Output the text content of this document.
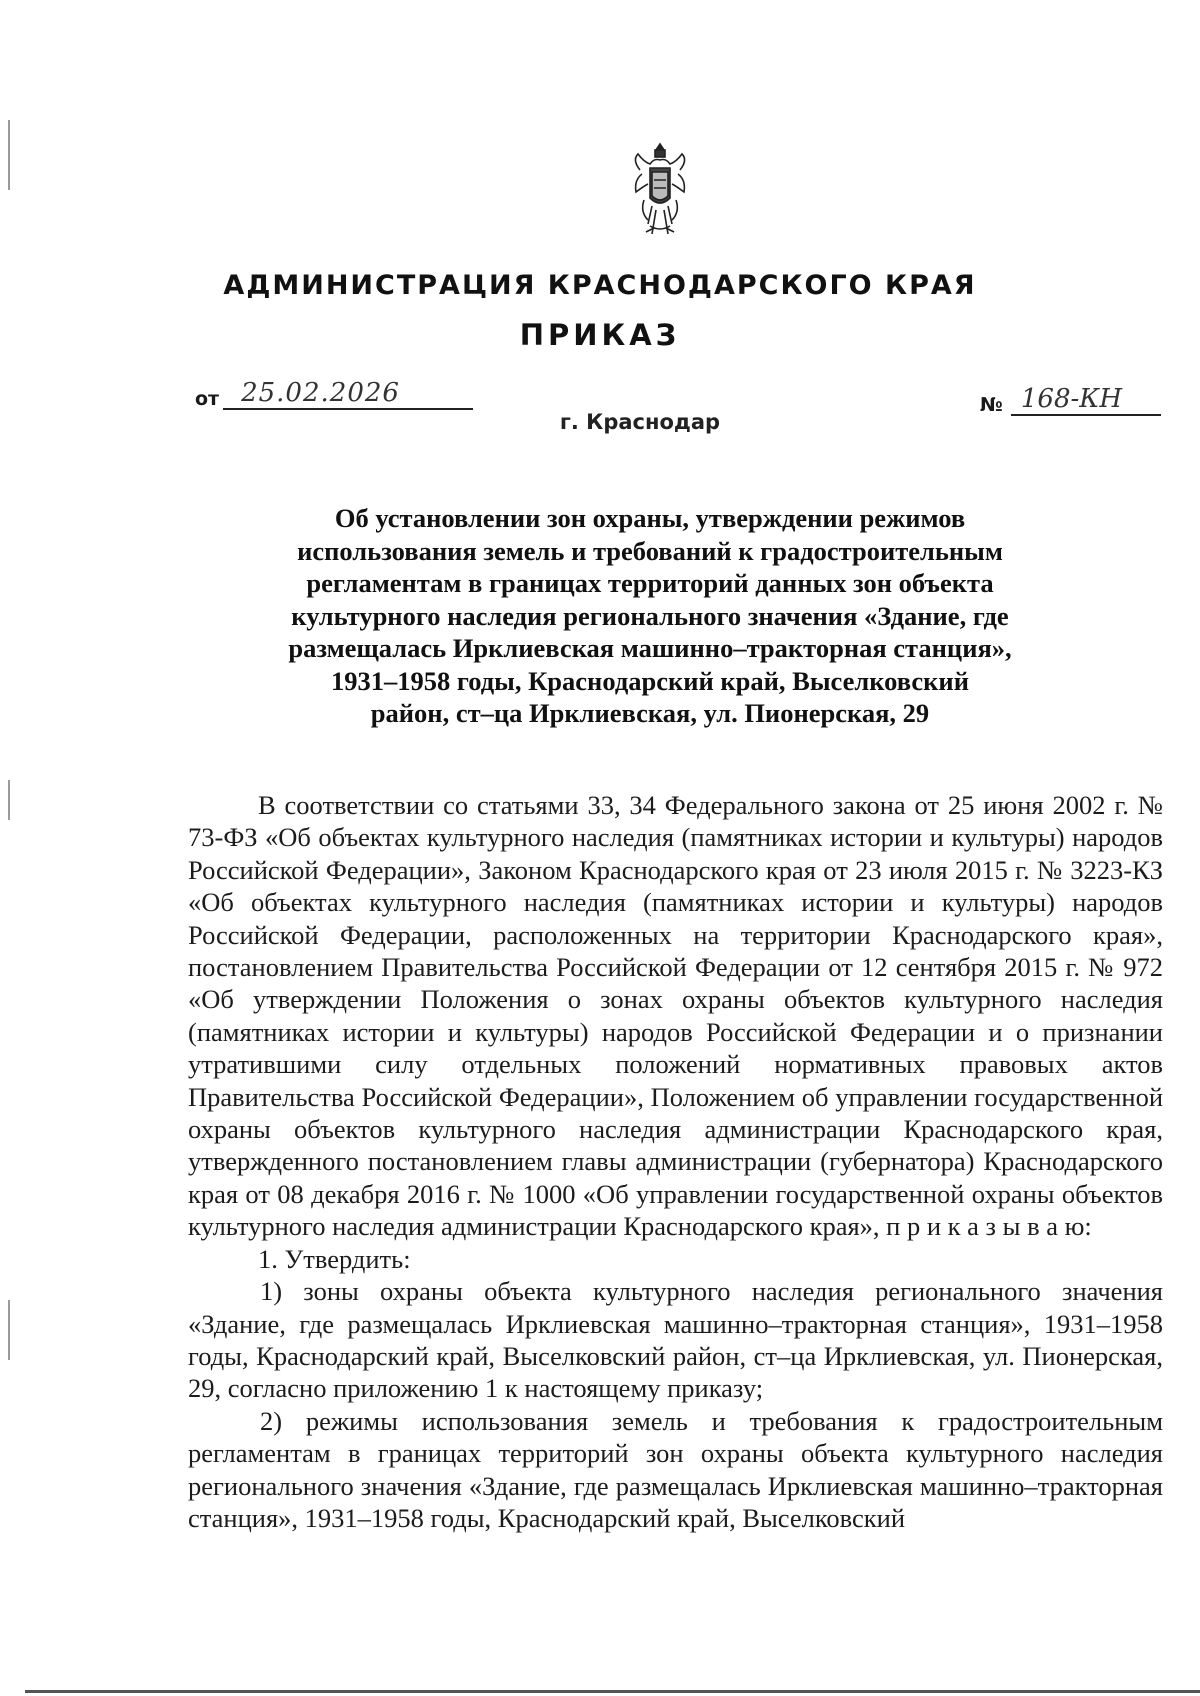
АДМИНИСТРАЦИЯ КРАСНОДАРСКОГО КРАЯ
ПРИКАЗ
от 25.02.2026	№ 168-КН
г. Краснодар
Об установлении зон охраны, утверждении режимов
использования земель и требований к градостроительным
регламентам в границах территорий данных зон объекта
культурного наследия регионального значения «Здание, где
размещалась Ирклиевская машинно–тракторная станция»,
1931–1958 годы, Краснодарский край, Выселковский
район, ст–ца Ирклиевская, ул. Пионерская, 29

В соответствии со статьями 33, 34 Федерального закона от 25 июня 2002 г. № 73-ФЗ «Об объектах культурного наследия (памятниках истории и культуры) народов Российской Федерации», Законом Краснодарского края от 23 июля 2015 г. № 3223-КЗ «Об объектах культурного наследия (памятниках истории и культуры) народов Российской Федерации, расположенных на территории Краснодарского края», постановлением Правительства Российской Федерации от 12 сентября 2015 г. № 972 «Об утверждении Положения о зонах охраны объектов культурного наследия (памятниках истории и культуры) народов Российской Федерации и о признании утратившими силу отдельных положений нормативных правовых актов Правительства Российской Федерации», Положением об управлении государственной охраны объектов культурного наследия администрации Краснодарского края, утвержденного постановлением главы администрации (губернатора) Краснодарского края от 08 декабря 2016 г. № 1000 «Об управлении государственной охраны объектов культурного наследия администрации Краснодарского края», п р и к а з ы в а ю:

1. Утвердить:

1) зоны охраны объекта культурного наследия регионального значения «Здание, где размещалась Ирклиевская машинно–тракторная станция», 1931–1958 годы, Краснодарский край, Выселковский район, ст–ца Ирклиевская, ул. Пионерская, 29, согласно приложению 1 к настоящему приказу;

2) режимы использования земель и требования к градостроительным регламентам в границах территорий зон охраны объекта культурного наследия регионального значения «Здание, где размещалась Ирклиевская машинно–тракторная станция», 1931–1958 годы, Краснодарский край, Выселковский
